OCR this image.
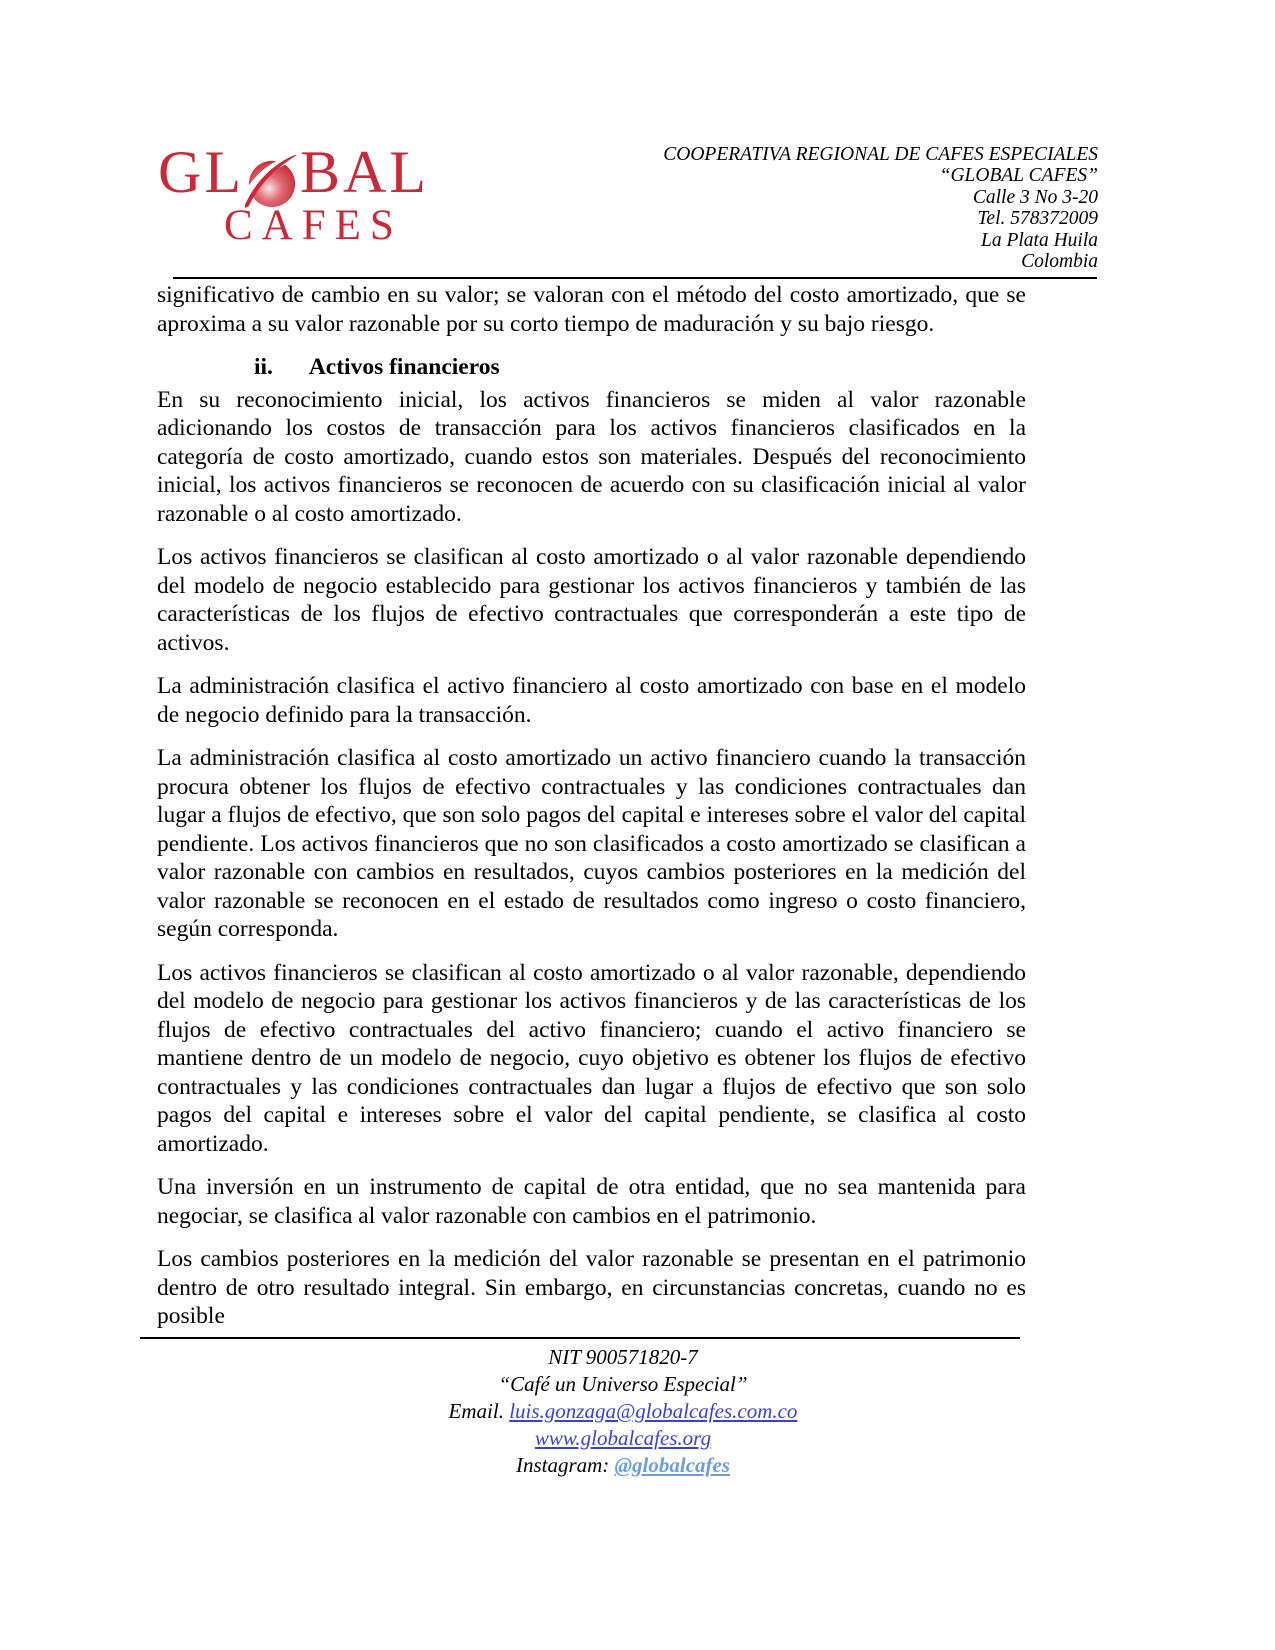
GL BAL
CAFES
COOPERATIVA REGIONAL DE CAFES ESPECIALES
“GLOBAL CAFES”
Calle 3 No 3-20
Tel. 578372009
La Plata Huila
Colombia

significativo de cambio en su valor; se valoran con el método del costo amortizado, que se aproxima a su valor razonable por su corto tiempo de maduración y su bajo riesgo.

ii. Activos financieros

En su reconocimiento inicial, los activos financieros se miden al valor razonable adicionando los costos de transacción para los activos financieros clasificados en la categoría de costo amortizado, cuando estos son materiales. Después del reconocimiento inicial, los activos financieros se reconocen de acuerdo con su clasificación inicial al valor razonable o al costo amortizado.

Los activos financieros se clasifican al costo amortizado o al valor razonable dependiendo del modelo de negocio establecido para gestionar los activos financieros y también de las características de los flujos de efectivo contractuales que corresponderán a este tipo de activos.

La administración clasifica el activo financiero al costo amortizado con base en el modelo de negocio definido para la transacción.

La administración clasifica al costo amortizado un activo financiero cuando la transacción procura obtener los flujos de efectivo contractuales y las condiciones contractuales dan lugar a flujos de efectivo, que son solo pagos del capital e intereses sobre el valor del capital pendiente. Los activos financieros que no son clasificados a costo amortizado se clasifican a valor razonable con cambios en resultados, cuyos cambios posteriores en la medición del valor razonable se reconocen en el estado de resultados como ingreso o costo financiero, según corresponda.

Los activos financieros se clasifican al costo amortizado o al valor razonable, dependiendo del modelo de negocio para gestionar los activos financieros y de las características de los flujos de efectivo contractuales del activo financiero; cuando el activo financiero se mantiene dentro de un modelo de negocio, cuyo objetivo es obtener los flujos de efectivo contractuales y las condiciones contractuales dan lugar a flujos de efectivo que son solo pagos del capital e intereses sobre el valor del capital pendiente, se clasifica al costo amortizado.

Una inversión en un instrumento de capital de otra entidad, que no sea mantenida para negociar, se clasifica al valor razonable con cambios en el patrimonio.

Los cambios posteriores en la medición del valor razonable se presentan en el patrimonio dentro de otro resultado integral. Sin embargo, en circunstancias concretas, cuando no es posible

NIT 900571820-7
“Café un Universo Especial”
Email. luis.gonzaga@globalcafes.com.co
www.globalcafes.org
Instagram: @globalcafes
